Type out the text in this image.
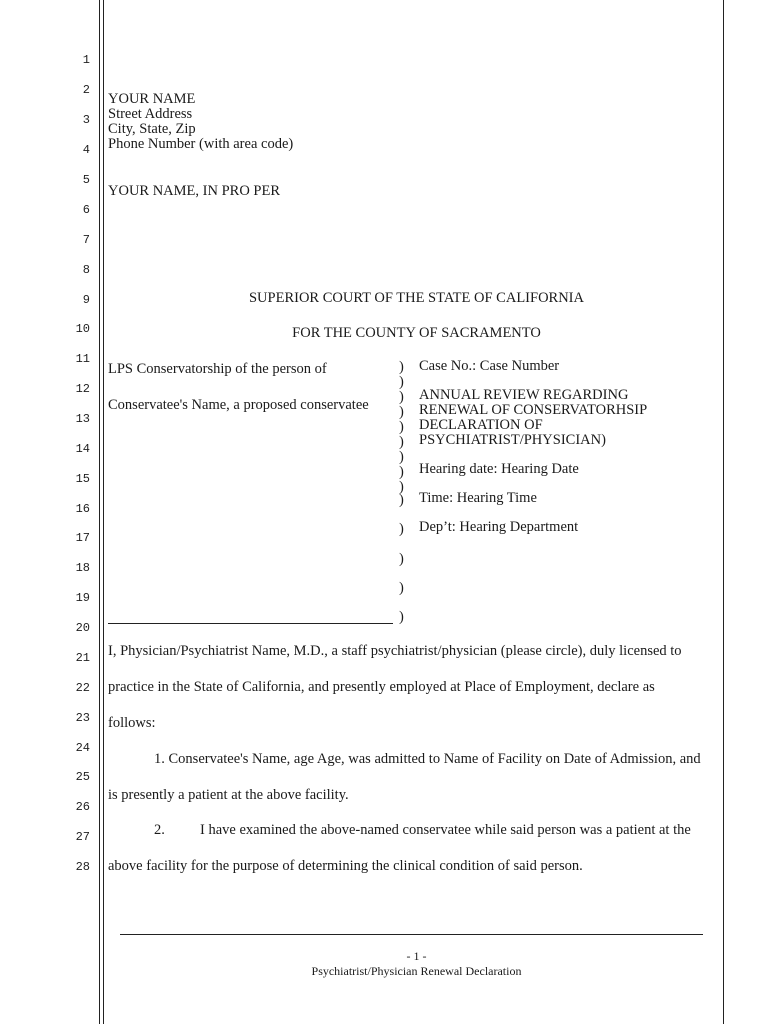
1
2
3
4
5
6
7
8
9
10
11
12
13
14
15
16
17
18
19
20
21
22
23
24
25
26
27
28
YOUR NAME
Street Address
City, State, Zip
Phone Number (with area code)
YOUR NAME, IN PRO PER
SUPERIOR COURT OF THE STATE OF CALIFORNIA
FOR THE COUNTY OF SACRAMENTO
LPS Conservatorship of the person of
Conservatee's Name, a proposed conservatee
)
)
)
)
)
)
)
)
)
)
)
)
)
)
Case No.: Case Number
ANNUAL REVIEW REGARDING
RENEWAL OF CONSERVATORHSIP
DECLARATION OF
PSYCHIATRIST/PHYSICIAN)
Hearing date: Hearing Date
Time: Hearing Time
Dep’t: Hearing Department
I, Physician/Psychiatrist Name, M.D., a staff psychiatrist/physician (please circle), duly licensed to
practice in the State of California, and presently employed at Place of Employment, declare as
follows:
1. Conservatee's Name, age Age, was admitted to Name of Facility on Date of Admission, and
is presently a patient at the above facility.
2. I have examined the above-named conservatee while said person was a patient at the
above facility for the purpose of determining the clinical condition of said person.
- 1 -
Psychiatrist/Physician Renewal Declaration
